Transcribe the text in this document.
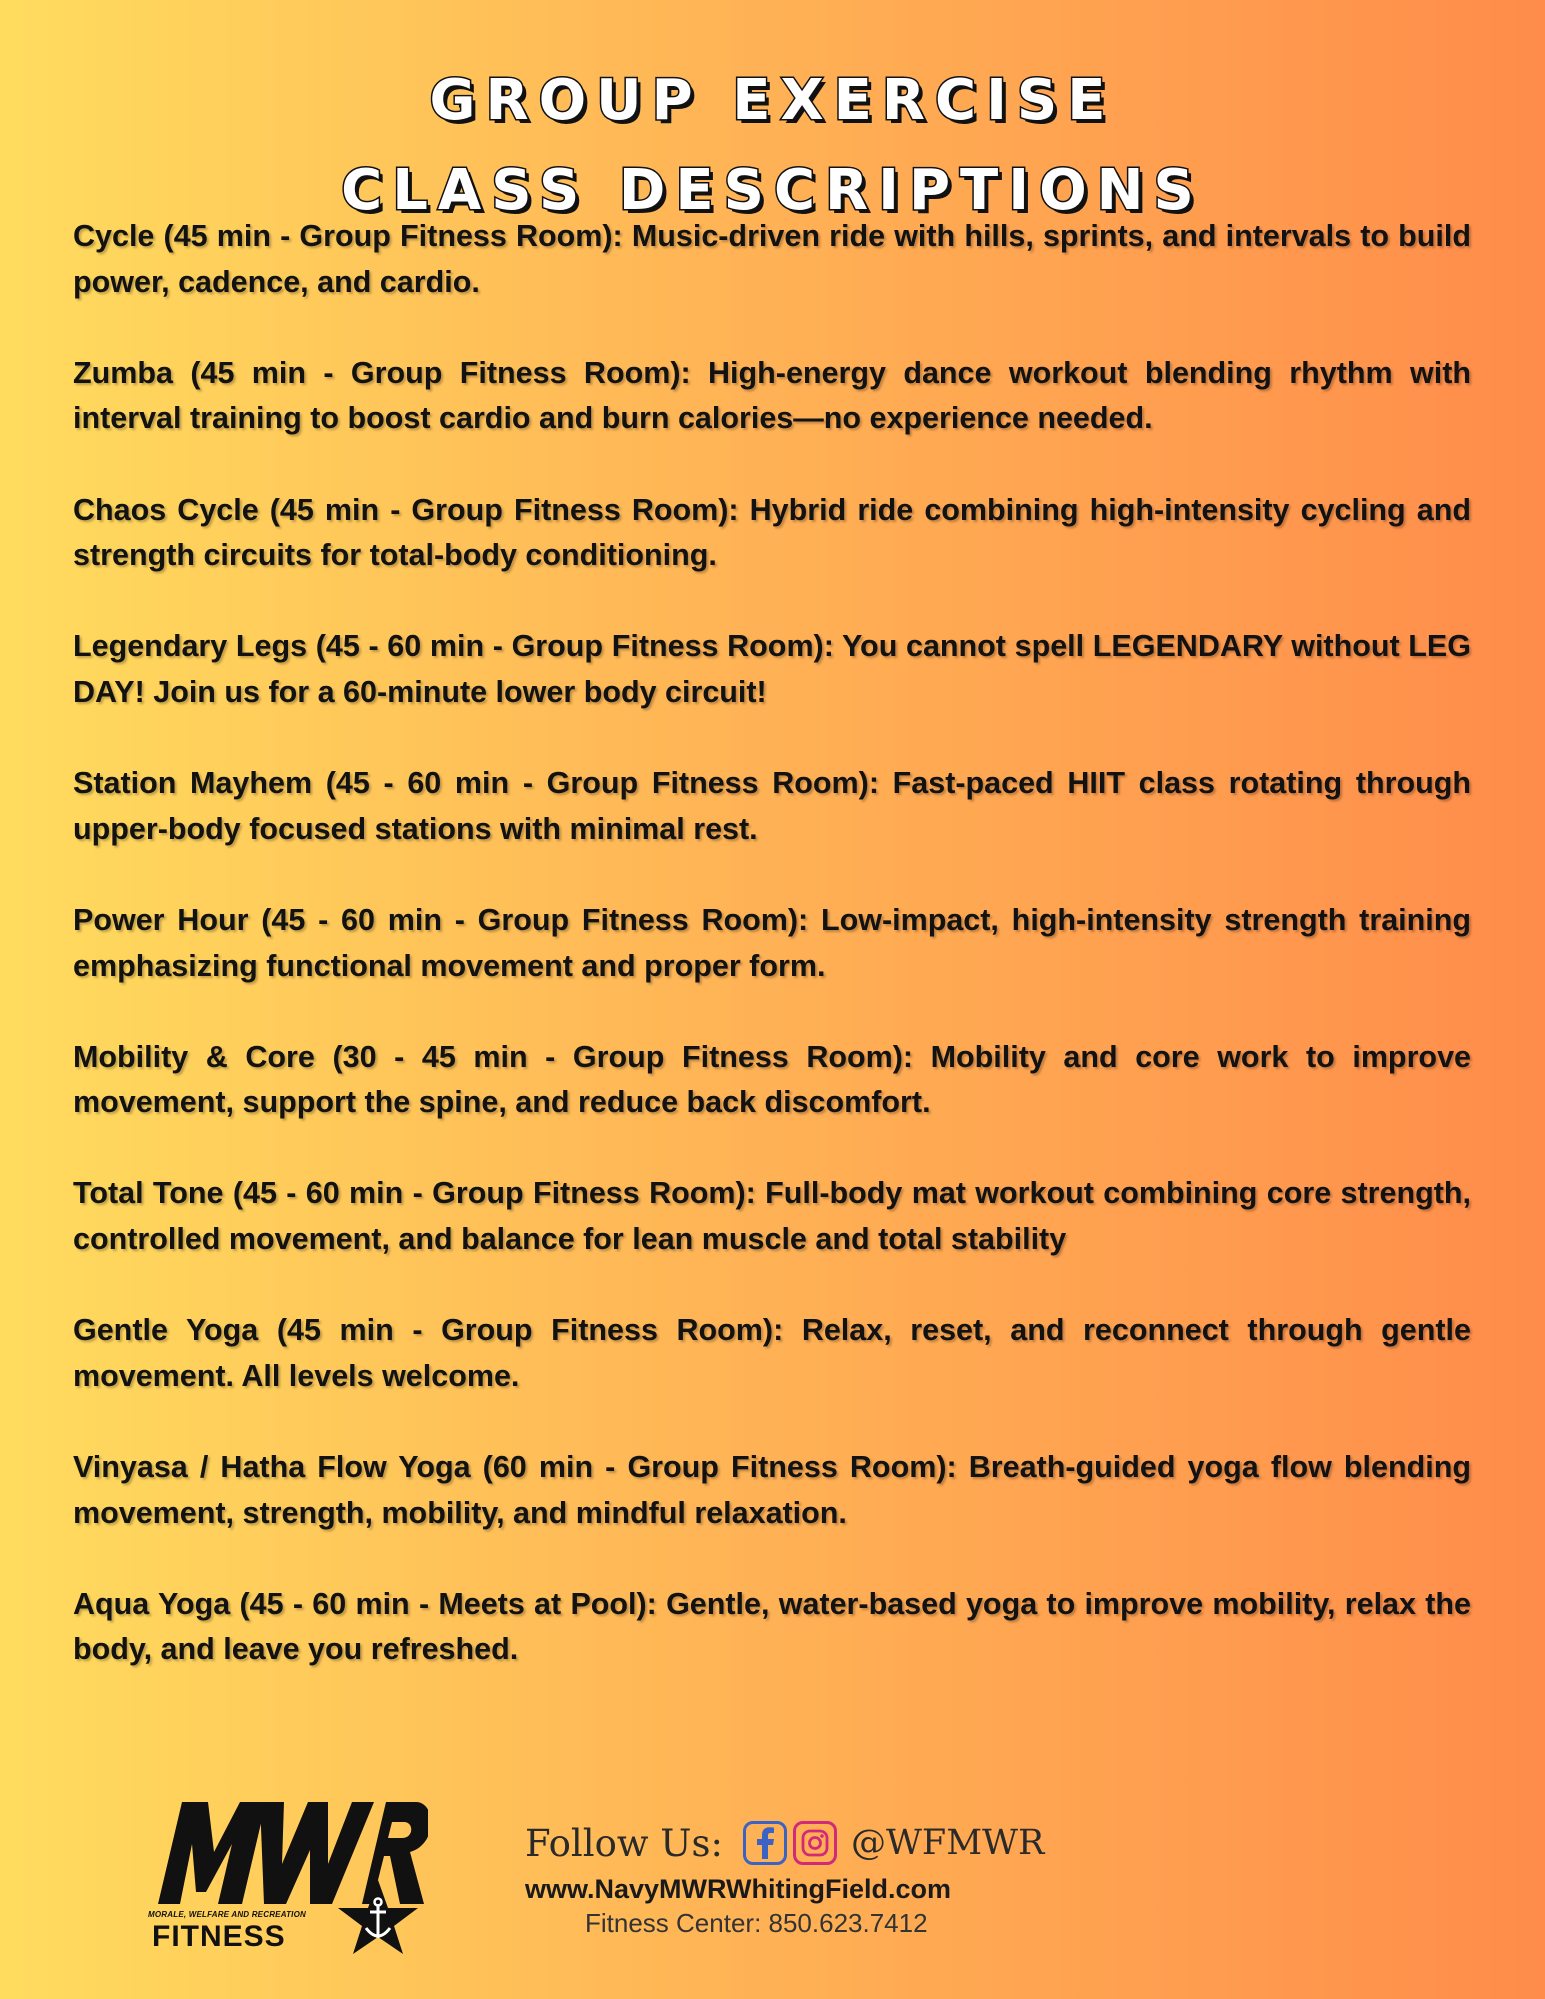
GROUP EXERCISE
CLASS DESCRIPTIONS

Cycle (45 min - Group Fitness Room): Music-driven ride with hills, sprints, and intervals to build power, cadence, and cardio.

Zumba (45 min - Group Fitness Room): High-energy dance workout blending rhythm with interval training to boost cardio and burn calories—no experience needed.

Chaos Cycle (45 min - Group Fitness Room): Hybrid ride combining high-intensity cycling and strength circuits for total-body conditioning.

Legendary Legs (45 - 60 min - Group Fitness Room): You cannot spell LEGENDARY without LEG DAY! Join us for a 60-minute lower body circuit!

Station Mayhem (45 - 60 min - Group Fitness Room): Fast-paced HIIT class rotating through upper-body focused stations with minimal rest.

Power Hour (45 - 60 min - Group Fitness Room): Low-impact, high-intensity strength training emphasizing functional movement and proper form.

Mobility & Core (30 - 45 min - Group Fitness Room): Mobility and core work to improve movement, support the spine, and reduce back discomfort.

Total Tone (45 - 60 min - Group Fitness Room): Full-body mat workout combining core strength, controlled movement, and balance for lean muscle and total stability

Gentle Yoga (45 min - Group Fitness Room): Relax, reset, and reconnect through gentle movement. All levels welcome.

Vinyasa / Hatha Flow Yoga (60 min - Group Fitness Room): Breath-guided yoga flow blending movement, strength, mobility, and mindful relaxation.

Aqua Yoga (45 - 60 min - Meets at Pool): Gentle, water-based yoga to improve mobility, relax the body, and leave you refreshed.

MORALE, WELFARE AND RECREATION
FITNESS
Follow Us:	@WFMWR
www.NavyMWRWhitingField.com
Fitness Center: 850.623.7412
